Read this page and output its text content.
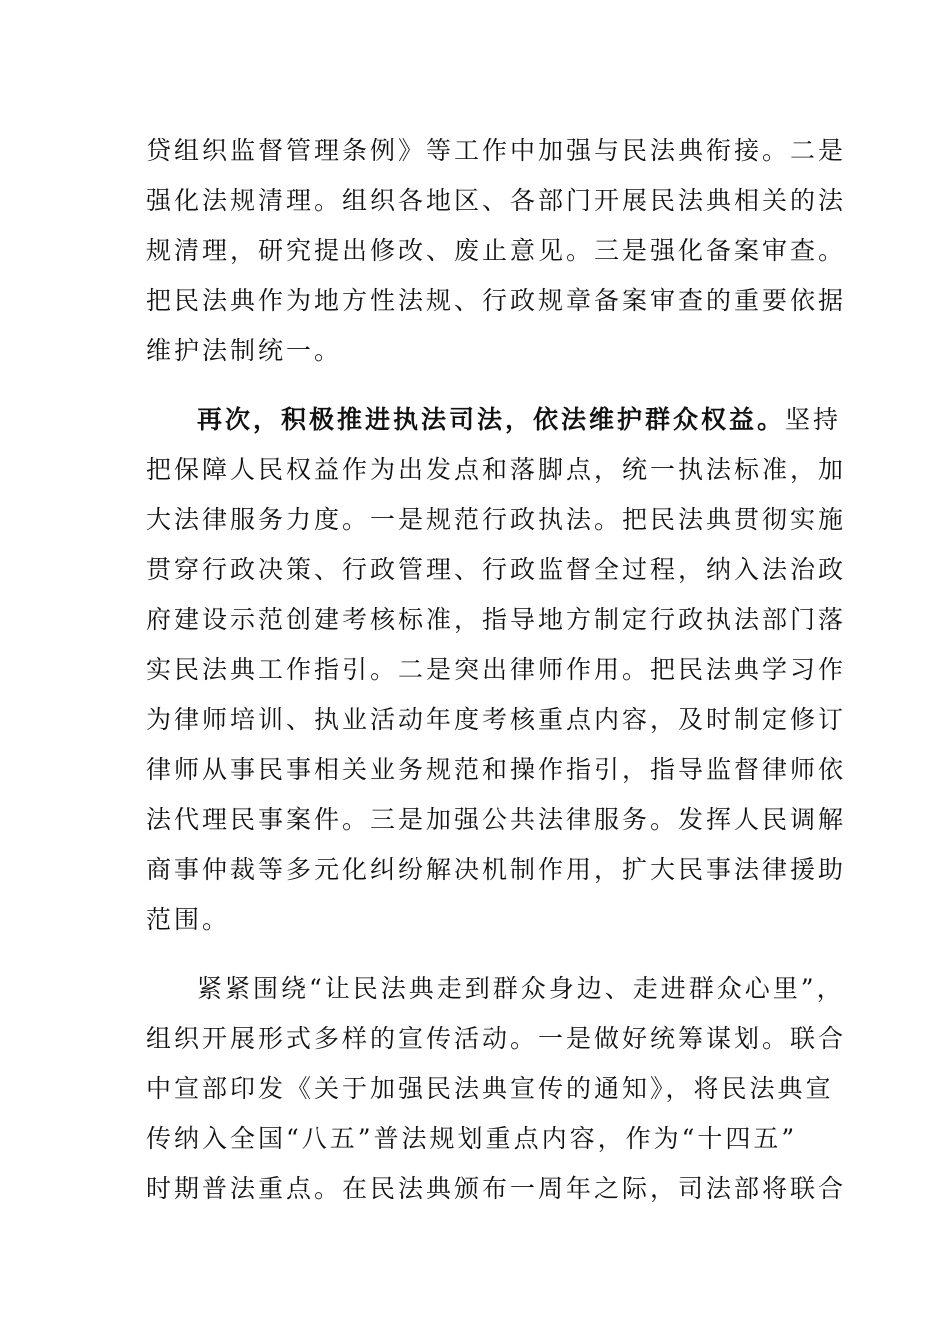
贷组织监督管理条例》等工作中加强与民法典衔接。二是
强化法规清理。组织各地区、各部门开展民法典相关的法
规清理，研究提出修改、废止意见。三是强化备案审查。
把民法典作为地方性法规、行政规章备案审查的重要依据
维护法制统一。
再次，积极推进执法司法，依法维护群众权益。坚持
把保障人民权益作为出发点和落脚点，统一执法标准，加
大法律服务力度。一是规范行政执法。把民法典贯彻实施
贯穿行政决策、行政管理、行政监督全过程，纳入法治政
府建设示范创建考核标准，指导地方制定行政执法部门落
实民法典工作指引。二是突出律师作用。把民法典学习作
为律师培训、执业活动年度考核重点内容，及时制定修订
律师从事民事相关业务规范和操作指引，指导监督律师依
法代理民事案件。三是加强公共法律服务。发挥人民调解
商事仲裁等多元化纠纷解决机制作用，扩大民事法律援助
范围。
紧紧围绕“让民法典走到群众身边、走进群众心里”，
组织开展形式多样的宣传活动。一是做好统筹谋划。联合
中宣部印发《关于加强民法典宣传的通知》，将民法典宣
传纳入全国“八五”普法规划重点内容，作为“十四五”
时期普法重点。在民法典颁布一周年之际，司法部将联合
